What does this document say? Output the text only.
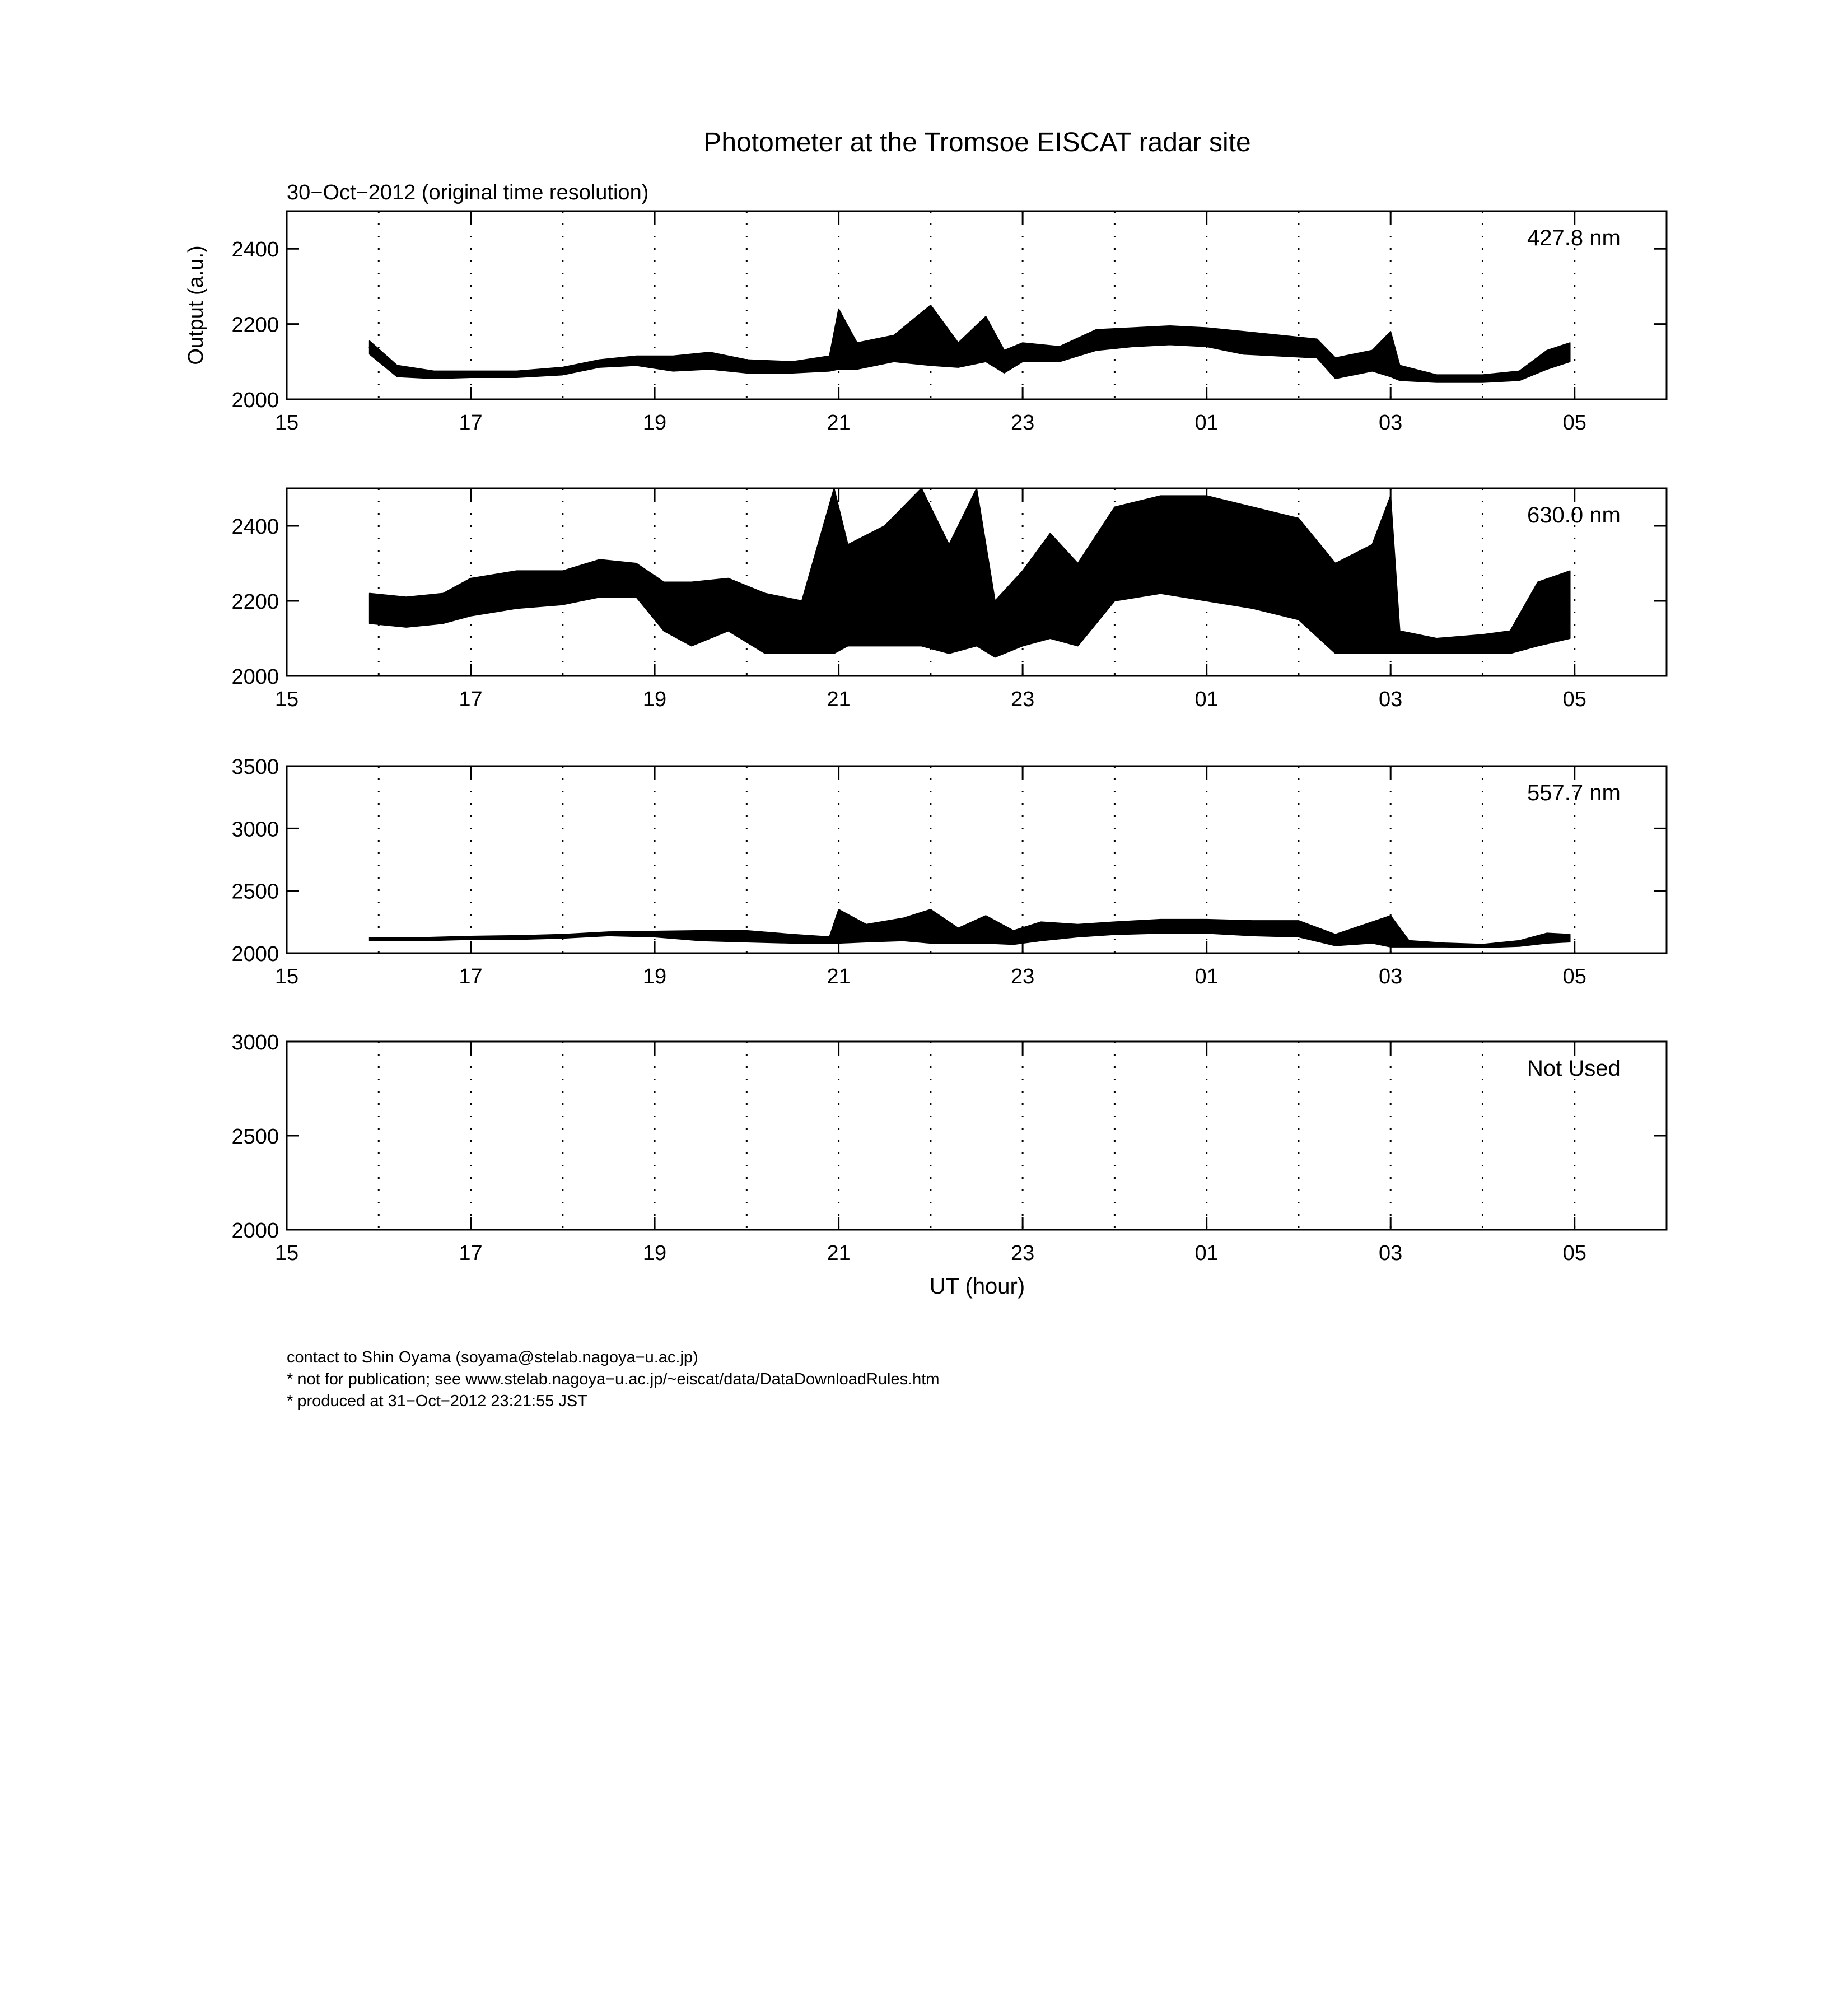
Photometer at the Tromsoe EISCAT radar site
30−Oct−2012 (original time resolution)
Output (a.u.)
UT (hour)
15	17	19	21	23	01	03	05
2000
2200
2400	427.8 nm
15	17	19	21	23	01	03	05
2000
2200
2400	630.0 nm
15	17	19	21	23	01	03	05
2000
2500
3000
3500
557.7 nm
15	17	19	21	23	01	03	05
2000
2500
3000
Not Used
contact to Shin Oyama (soyama@stelab.nagoya−u.ac.jp)
* not for publication; see www.stelab.nagoya−u.ac.jp/~eiscat/data/DataDownloadRules.htm
* produced at 31−Oct−2012 23:21:55 JST
